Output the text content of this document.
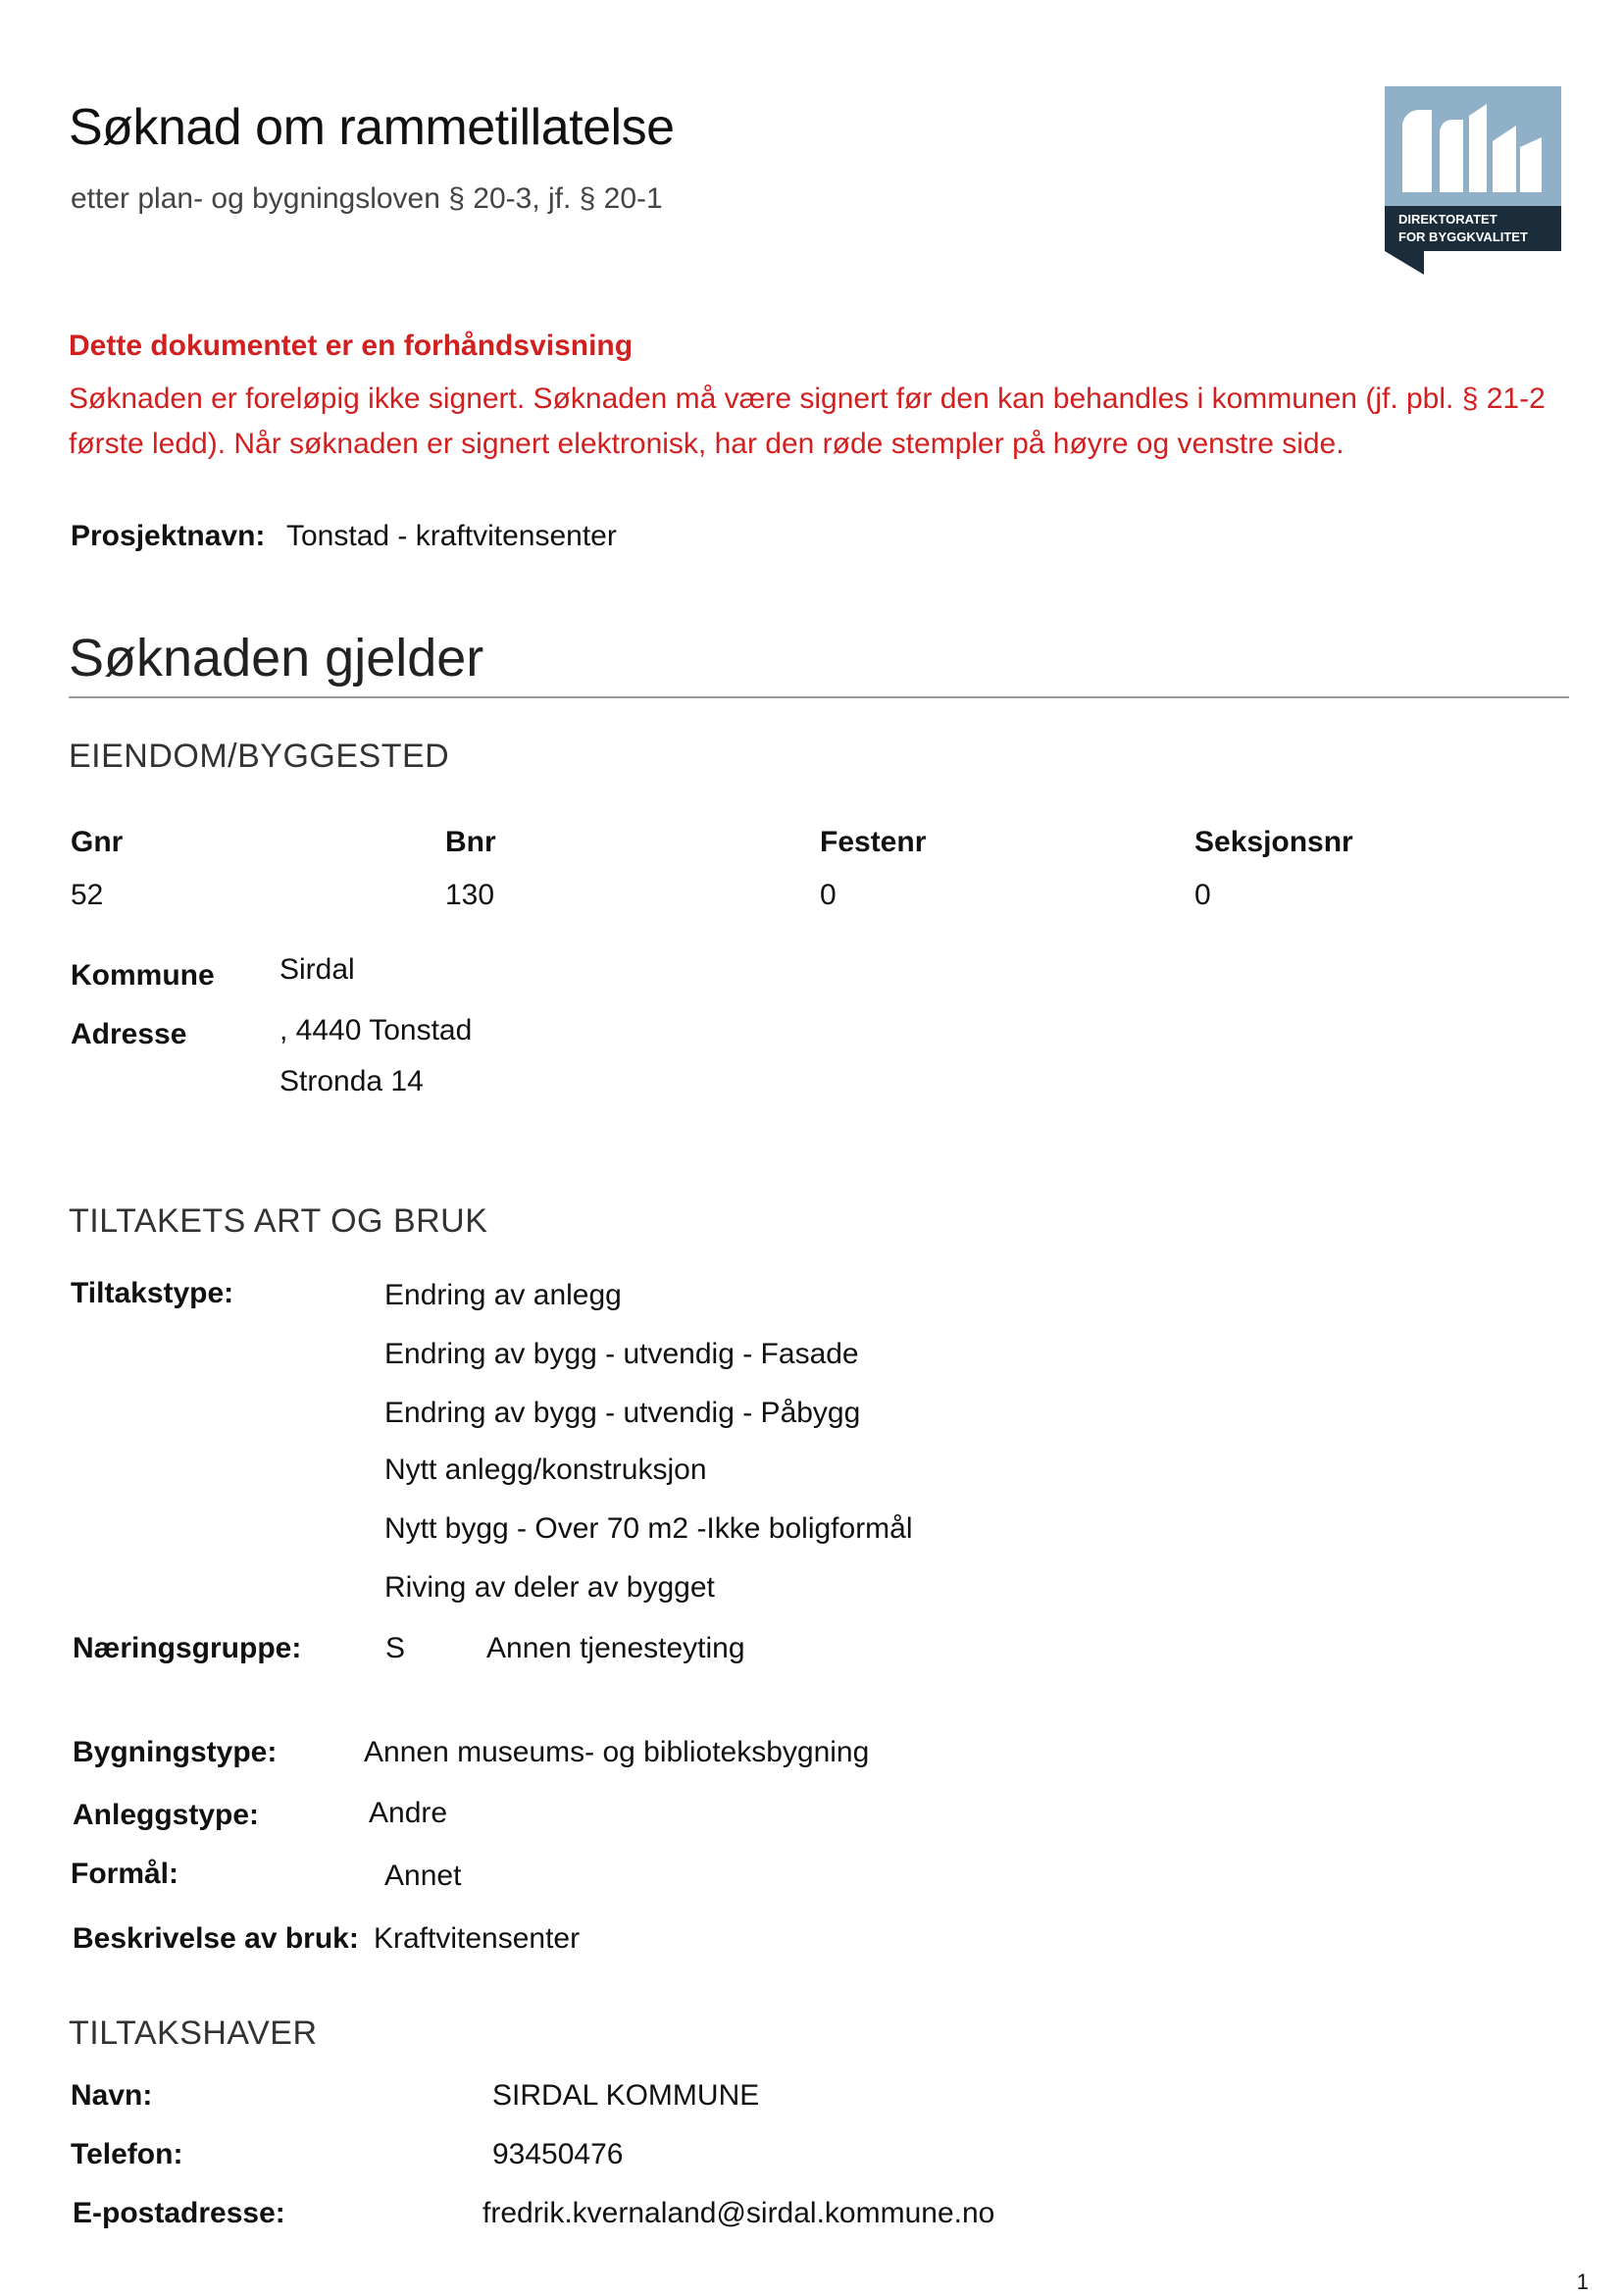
Søknad om rammetillatelse
etter plan- og bygningsloven § 20-3, jf. § 20-1
DIREKTORATET
FOR BYGGKVALITET
Dette dokumentet er en forhåndsvisning
Søknaden er foreløpig ikke signert. Søknaden må være signert før den kan behandles i kommunen (jf. pbl. § 21-2 første ledd). Når søknaden er signert elektronisk, har den røde stempler på høyre og venstre side.
Prosjektnavn: Tonstad - kraftvitensenter
Søknaden gjelder
EIENDOM/BYGGESTED
Gnr
52
Bnr
130
Festenr
0
Seksjonsnr
0
Kommune Sirdal
Adresse	, 4440 Tonstad
Stronda 14
TILTAKETS ART OG BRUK
Tiltakstype:	Endring av anlegg
Endring av bygg - utvendig - Fasade
Endring av bygg - utvendig - Påbygg
Nytt anlegg/konstruksjon
Nytt bygg - Over 70 m2 -Ikke boligformål
Riving av deler av bygget
Næringsgruppe:	S	Annen tjenesteyting
Bygningstype:	Annen museums- og biblioteksbygning
Anleggstype:	Andre
Formål:	Annet
Beskrivelse av bruk: Kraftvitensenter
TILTAKSHAVER
Navn:	SIRDAL KOMMUNE
Telefon:	93450476
E-postadresse:	fredrik.kvernaland@sirdal.kommune.no
1
